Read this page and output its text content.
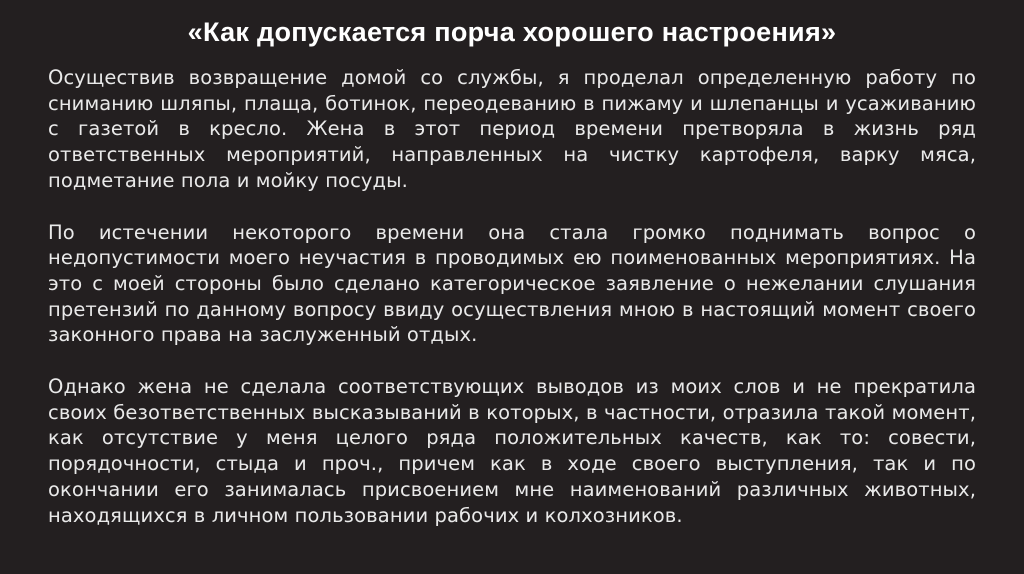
«Как допускается порча хорошего настроения»

Осуществив возвращение домой со службы, я проделал определенную работу по сниманию шляпы, плаща, ботинок, переодеванию в пижаму и шлепанцы и усаживанию с газетой в кресло. Жена в этот период времени претворяла в жизнь ряд ответственных мероприятий, направленных на чистку картофеля, варку мяса, подметание пола и мойку посуды.

По истечении некоторого времени она стала громко поднимать вопрос о недопустимости моего неучастия в проводимых ею поименованных мероприятиях. На это с моей стороны было сделано категорическое заявление о нежелании слушания претензий по данному вопросу ввиду осуществления мною в настоящий момент своего законного права на заслуженный отдых.

Однако жена не сделала соответствующих выводов из моих слов и не прекратила своих безответственных высказываний в которых, в частности, отразила такой момент, как отсутствие у меня целого ряда положительных качеств, как то: совести, порядочности, стыда и проч., причем как в ходе своего выступления, так и по окончании его занималась присвоением мне наименований различных животных, находящихся в личном пользовании рабочих и колхозников.
